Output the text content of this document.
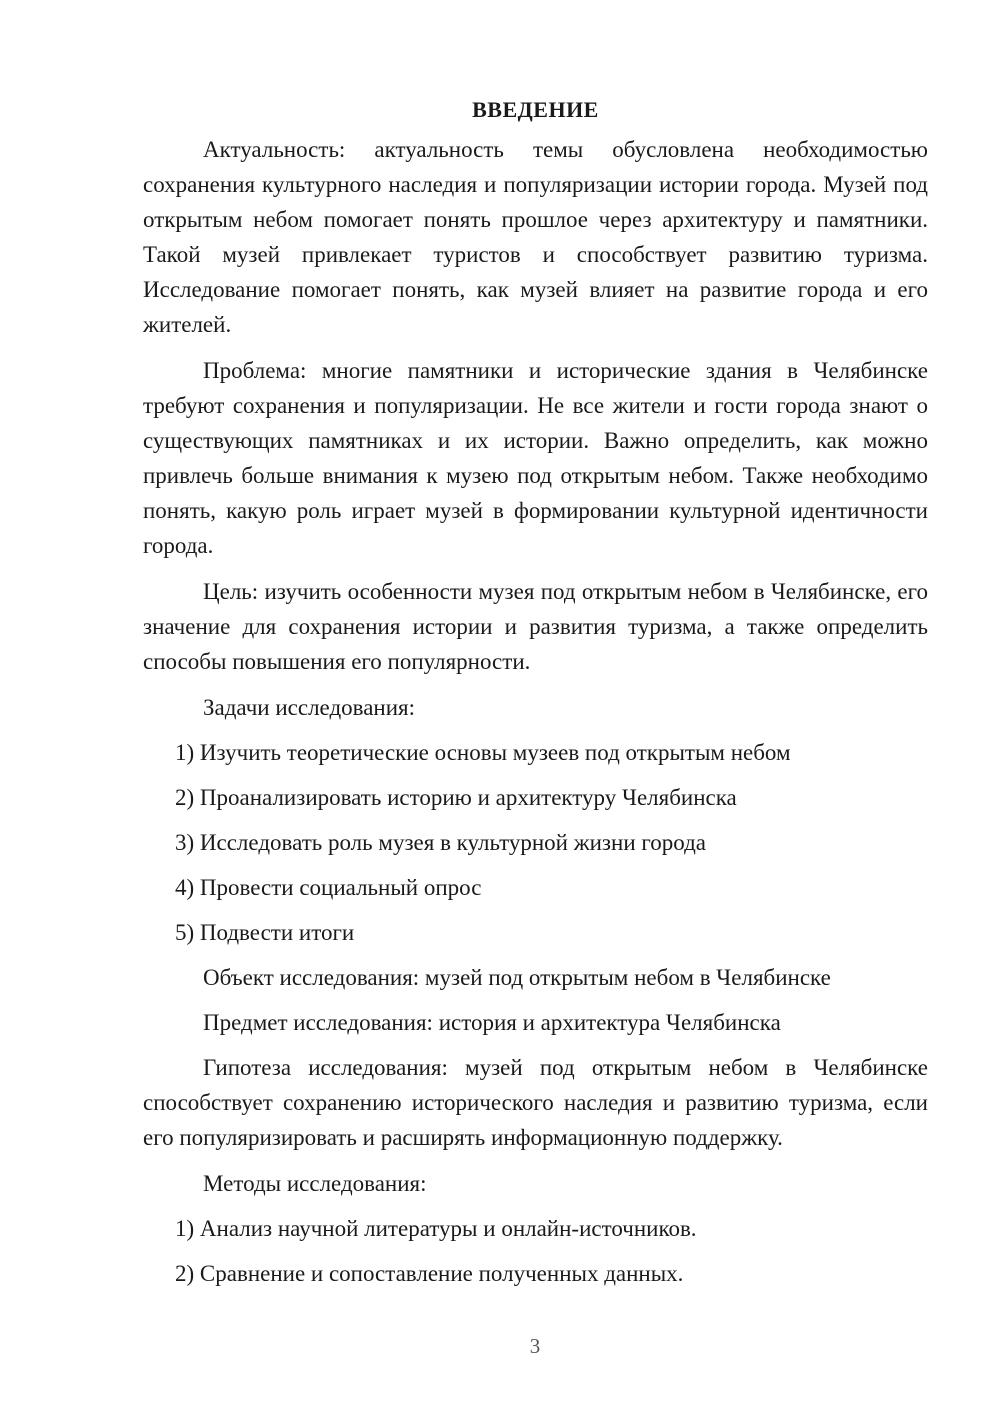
ВВЕДЕНИЕ

Актуальность: актуальность темы обусловлена необходимостью сохранения культурного наследия и популяризации истории города. Музей под открытым небом помогает понять прошлое через архитектуру и памятники. Такой музей привлекает туристов и способствует развитию туризма. Исследование помогает понять, как музей влияет на развитие города и его жителей.

Проблема: многие памятники и исторические здания в Челябинске требуют сохранения и популяризации. Не все жители и гости города знают о существующих памятниках и их истории. Важно определить, как можно привлечь больше внимания к музею под открытым небом. Также необходимо понять, какую роль играет музей в формировании культурной идентичности города.

Цель: изучить особенности музея под открытым небом в Челябинске, его значение для сохранения истории и развития туризма, а также определить способы повышения его популярности.

Задачи исследования:

1) Изучить теоретические основы музеев под открытым небом

2) Проанализировать историю и архитектуру Челябинска

3) Исследовать роль музея в культурной жизни города

4) Провести социальный опрос

5) Подвести итоги

Объект исследования: музей под открытым небом в Челябинске

Предмет исследования: история и архитектура Челябинска

Гипотеза исследования: музей под открытым небом в Челябинске способствует сохранению исторического наследия и развитию туризма, если его популяризировать и расширять информационную поддержку.

Методы исследования:

1) Анализ научной литературы и онлайн-источников.

2) Сравнение и сопоставление полученных данных.

3
